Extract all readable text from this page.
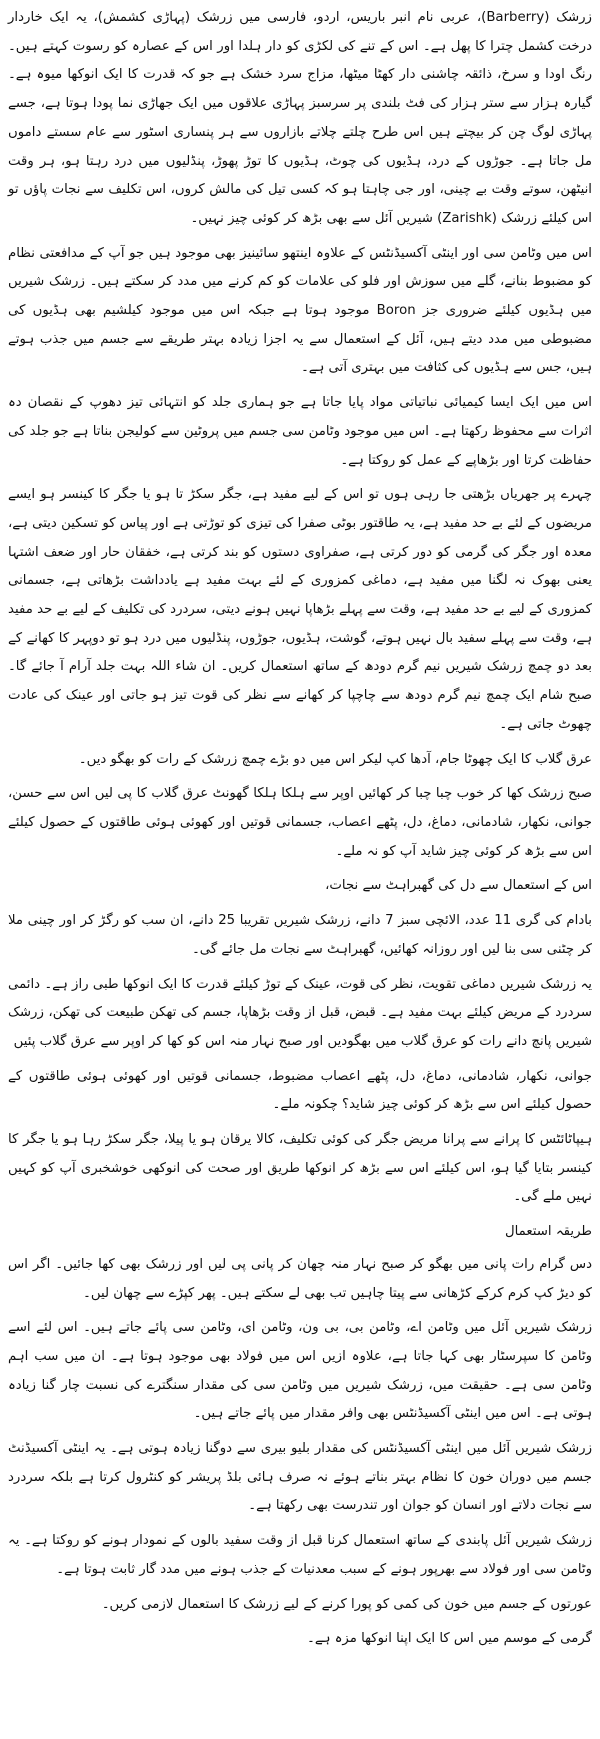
زرشک (Barberry)، عربی نام انبر باریس، اردو، فارسی میں زرشک (پہاڑی کشمش)، یہ ایک خاردار درخت کشمل چترا کا پھل ہے۔ اس کے تنے کی لکڑی کو دار ہلدا اور اس کے عصارہ کو رسوت کہتے ہیں۔ رنگ اودا و سرخ، ذائقہ چاشنی دار کھٹا میٹھا، مزاج سرد خشک ہے جو کہ قدرت کا ایک انوکھا میوہ ہے۔ گیارہ ہزار سے ستر ہزار کی فٹ بلندی پر سرسبز پہاڑی علاقوں میں ایک جھاڑی نما پودا ہوتا ہے، جسے پہاڑی لوگ چن کر بیچتے ہیں اس طرح چلتے چلاتے بازاروں سے ہر پنساری اسٹور سے عام سستے داموں مل جاتا ہے۔ جوڑوں کے درد، ہڈیوں کی چوٹ، ہڈیوں کا توڑ پھوڑ، پنڈلیوں میں درد رہتا ہو، ہر وقت انیٹھن، سوتے وقت بے چینی، اور جی چاہتا ہو کہ کسی تیل کی مالش کروں، اس تکلیف سے نجات پاؤں تو اس کیلئے زرشک (Zarishk) شیریں آئل سے بھی بڑھ کر کوئی چیز نہیں۔

اس میں وٹامن سی اور اینٹی آکسیڈنٹس کے علاوہ اینتھو سائینیز بھی موجود ہیں جو آپ کے مدافعتی نظام کو مضبوط بنانے، گلے میں سوزش اور فلو کی علامات کو کم کرنے میں مدد کر سکتے ہیں۔ زرشک شیریں میں ہڈیوں کیلئے ضروری جز Boron موجود ہوتا ہے جبکہ اس میں موجود کیلشیم بھی ہڈیوں کی مضبوطی میں مدد دیتے ہیں، آئل کے استعمال سے یہ اجزا زیادہ بہتر طریقے سے جسم میں جذب ہوتے ہیں، جس سے ہڈیوں کی کثافت میں بہتری آتی ہے۔

اس میں ایک ایسا کیمیائی نباتیاتی مواد پایا جاتا ہے جو ہماری جلد کو انتہائی تیز دھوپ کے نقصان دہ اثرات سے محفوظ رکھتا ہے۔ اس میں موجود وٹامن سی جسم میں پروٹین سے کولیجن بناتا ہے جو جلد کی حفاظت کرتا اور بڑھاپے کے عمل کو روکتا ہے۔

چہرے پر جھریاں بڑھتی جا رہی ہوں تو اس کے لیے مفید ہے، جگر سکڑ تا ہو یا جگر کا کینسر ہو ایسے مریضوں کے لئے بے حد مفید ہے، یہ طاقتور بوٹی صفرا کی تیزی کو توڑتی ہے اور پیاس کو تسکین دیتی ہے، معدہ اور جگر کی گرمی کو دور کرتی ہے، صفراوی دستوں کو بند کرتی ہے، خفقان حار اور ضعف اشتہا یعنی بھوک نہ لگنا میں مفید ہے، دماغی کمزوری کے لئے بہت مفید ہے یادداشت بڑھاتی ہے، جسمانی کمزوری کے لیے بے حد مفید ہے، وقت سے پہلے بڑھاپا نہیں ہونے دیتی، سردرد کی تکلیف کے لیے بے حد مفید ہے، وقت سے پہلے سفید بال نہیں ہوتے، گوشت، ہڈیوں، جوڑوں، پنڈلیوں میں درد ہو تو دوپہر کا کھانے کے بعد دو چمچ زرشک شیریں نیم گرم دودھ کے ساتھ استعمال کریں۔ ان شاء اللہ بہت جلد آرام آ جائے گا۔ صبح شام ایک چمچ نیم گرم دودھ سے چاچپا کر کھانے سے نظر کی قوت تیز ہو جاتی اور عینک کی عادت چھوٹ جاتی ہے۔

عرق گلاب کا ایک چھوٹا جام، آدھا کپ لیکر اس میں دو بڑے چمچ زرشک کے رات کو بھگو دیں۔

صبح زرشک کھا کر خوب چبا چبا کر کھائیں اوپر سے ہلکا ہلکا گھونٹ عرق گلاب کا پی لیں اس سے حسن، جوانی، نکھار، شادمانی، دماغ، دل، پٹھے اعصاب، جسمانی قوتیں اور کھوئی ہوئی طاقتوں کے حصول کیلئے اس سے بڑھ کر کوئی چیز شاید آپ کو نہ ملے۔

اس کے استعمال سے دل کی گھبراہٹ سے نجات،

بادام کی گری 11 عدد، الائچی سبز 7 دانے، زرشک شیریں تقریبا 25 دانے، ان سب کو رگڑ کر اور چینی ملا کر چٹنی سی بنا لیں اور روزانہ کھائیں، گھبراہٹ سے نجات مل جائے گی۔

یہ زرشک شیریں دماغی تقویت، نظر کی قوت، عینک کے توڑ کیلئے قدرت کا ایک انوکھا طبی راز ہے۔ دائمی سردرد کے مریض کیلئے بہت مفید ہے۔ قبض، قبل از وقت بڑھاپا، جسم کی تھکن طبیعت کی تھکن، زرشک شیریں پانچ دانے رات کو عرق گلاب میں بھگودیں اور صبح نہار منہ اس کو کھا کر اوپر سے عرق گلاب پئیں

جوانی، نکھار، شادمانی، دماغ، دل، پٹھے اعصاب مضبوط، جسمانی قوتیں اور کھوئی ہوئی طاقتوں کے حصول کیلئے اس سے بڑھ کر کوئی چیز شاید؟ چکونہ ملے۔

ہیپاٹائٹس کا پرانے سے پرانا مریض جگر کی کوئی تکلیف، کالا یرقان ہو یا پیلا، جگر سکڑ رہا ہو یا جگر کا کینسر بتایا گیا ہو، اس کیلئے اس سے بڑھ کر انوکھا طریق اور صحت کی انوکھی خوشخبری آپ کو کہیں نہیں ملے گی۔

طریقہ استعمال

دس گرام رات پانی میں بھگو کر صبح نہار منہ چھان کر پانی پی لیں اور زرشک بھی کھا جائیں۔ اگر اس کو دیڑ کپ کرم کرکے کڑھانی سے پیتا چاہیں تب بھی لے سکتے ہیں۔ پھر کپڑے سے چھان لیں۔

زرشک شیریں آئل میں وٹامن اے، وٹامن بی، بی ون، وٹامن ای، وٹامن سی پائے جاتے ہیں۔ اس لئے اسے وٹامن کا سپرسٹار بھی کہا جاتا ہے، علاوہ ازیں اس میں فولاد بھی موجود ہوتا ہے۔ ان میں سب اہم وٹامن سی ہے۔ حقیقت میں، زرشک شیریں میں وٹامن سی کی مقدار سنگترے کی نسبت چار گنا زیادہ ہوتی ہے۔ اس میں اینٹی آکسیڈنٹس بھی وافر مقدار میں پائے جاتے ہیں۔

زرشک شیریں آئل میں اینٹی آکسیڈنٹس کی مقدار بلیو بیری سے دوگنا زیادہ ہوتی ہے۔ یہ اینٹی آکسیڈنٹ جسم میں دوران خون کا نظام بہتر بناتے ہوئے نہ صرف ہائی بلڈ پریشر کو کنٹرول کرتا ہے بلکہ سردرد سے نجات دلاتے اور انسان کو جوان اور تندرست بھی رکھتا ہے۔

زرشک شیریں آئل پابندی کے ساتھ استعمال کرنا قبل از وقت سفید بالوں کے نمودار ہونے کو روکتا ہے۔ یہ وٹامن سی اور فولاد سے بھرپور ہونے کے سبب معدنیات کے جذب ہونے میں مدد گار ثابت ہوتا ہے۔

عورتوں کے جسم میں خون کی کمی کو پورا کرنے کے لیے زرشک کا استعمال لازمی کریں۔

گرمی کے موسم میں اس کا ایک اپنا انوکھا مزہ ہے۔
